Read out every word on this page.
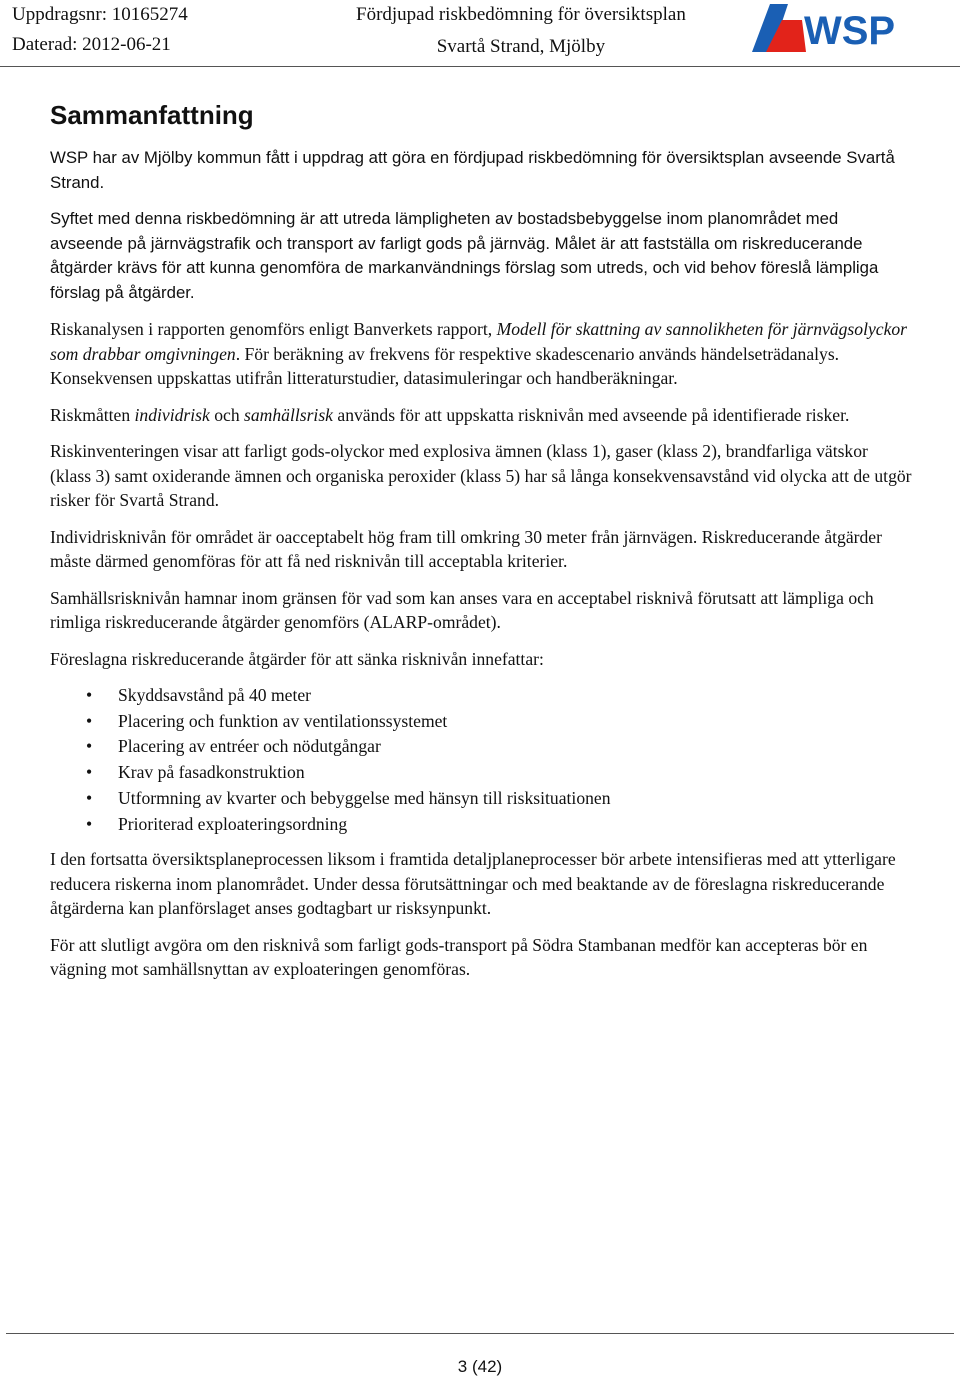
Uppdragsnr: 10165274
Daterad: 2012-06-21
Fördjupad riskbedömning för översiktsplan
Svartå Strand, Mjölby	WSP
Sammanfattning

WSP har av Mjölby kommun fått i uppdrag att göra en fördjupad riskbedömning för översiktsplan avseende Svartå Strand.

Syftet med denna riskbedömning är att utreda lämpligheten av bostadsbebyggelse inom planområdet med avseende på järnvägstrafik och transport av farligt gods på järnväg. Målet är att fastställa om riskreducerande åtgärder krävs för att kunna genomföra de markanvändnings förslag som utreds, och vid behov föreslå lämpliga förslag på åtgärder.

Riskanalysen i rapporten genomförs enligt Banverkets rapport, Modell för skattning av sannolikheten för järnvägsolyckor som drabbar omgivningen. För beräkning av frekvens för respektive skadescenario används händelseträdanalys. Konsekvensen uppskattas utifrån litteraturstudier, datasimuleringar och handberäkningar.

Riskmåtten individrisk och samhällsrisk används för att uppskatta risknivån med avseende på identifierade risker.

Riskinventeringen visar att farligt gods-olyckor med explosiva ämnen (klass 1), gaser (klass 2), brandfarliga vätskor (klass 3) samt oxiderande ämnen och organiska peroxider (klass 5) har så långa konsekvensavstånd vid olycka att de utgör risker för Svartå Strand.

Individrisknivån för området är oacceptabelt hög fram till omkring 30 meter från järnvägen. Riskreducerande åtgärder måste därmed genomföras för att få ned risknivån till acceptabla kriterier.

Samhällsrisknivån hamnar inom gränsen för vad som kan anses vara en acceptabel risknivå förutsatt att lämpliga och rimliga riskreducerande åtgärder genomförs (ALARP-området).

Föreslagna riskreducerande åtgärder för att sänka risknivån innefattar:

• Skyddsavstånd på 40 meter
• Placering och funktion av ventilationssystemet
• Placering av entréer och nödutgångar
• Krav på fasadkonstruktion
• Utformning av kvarter och bebyggelse med hänsyn till risksituationen
• Prioriterad exploateringsordning

I den fortsatta översiktsplaneprocessen liksom i framtida detaljplaneprocesser bör arbete intensifieras med att ytterligare reducera riskerna inom planområdet. Under dessa förutsättningar och med beaktande av de föreslagna riskreducerande åtgärderna kan planförslaget anses godtagbart ur risksynpunkt.

För att slutligt avgöra om den risknivå som farligt gods-transport på Södra Stambanan medför kan accepteras bör en vägning mot samhällsnyttan av exploateringen genomföras.

3 (42)
